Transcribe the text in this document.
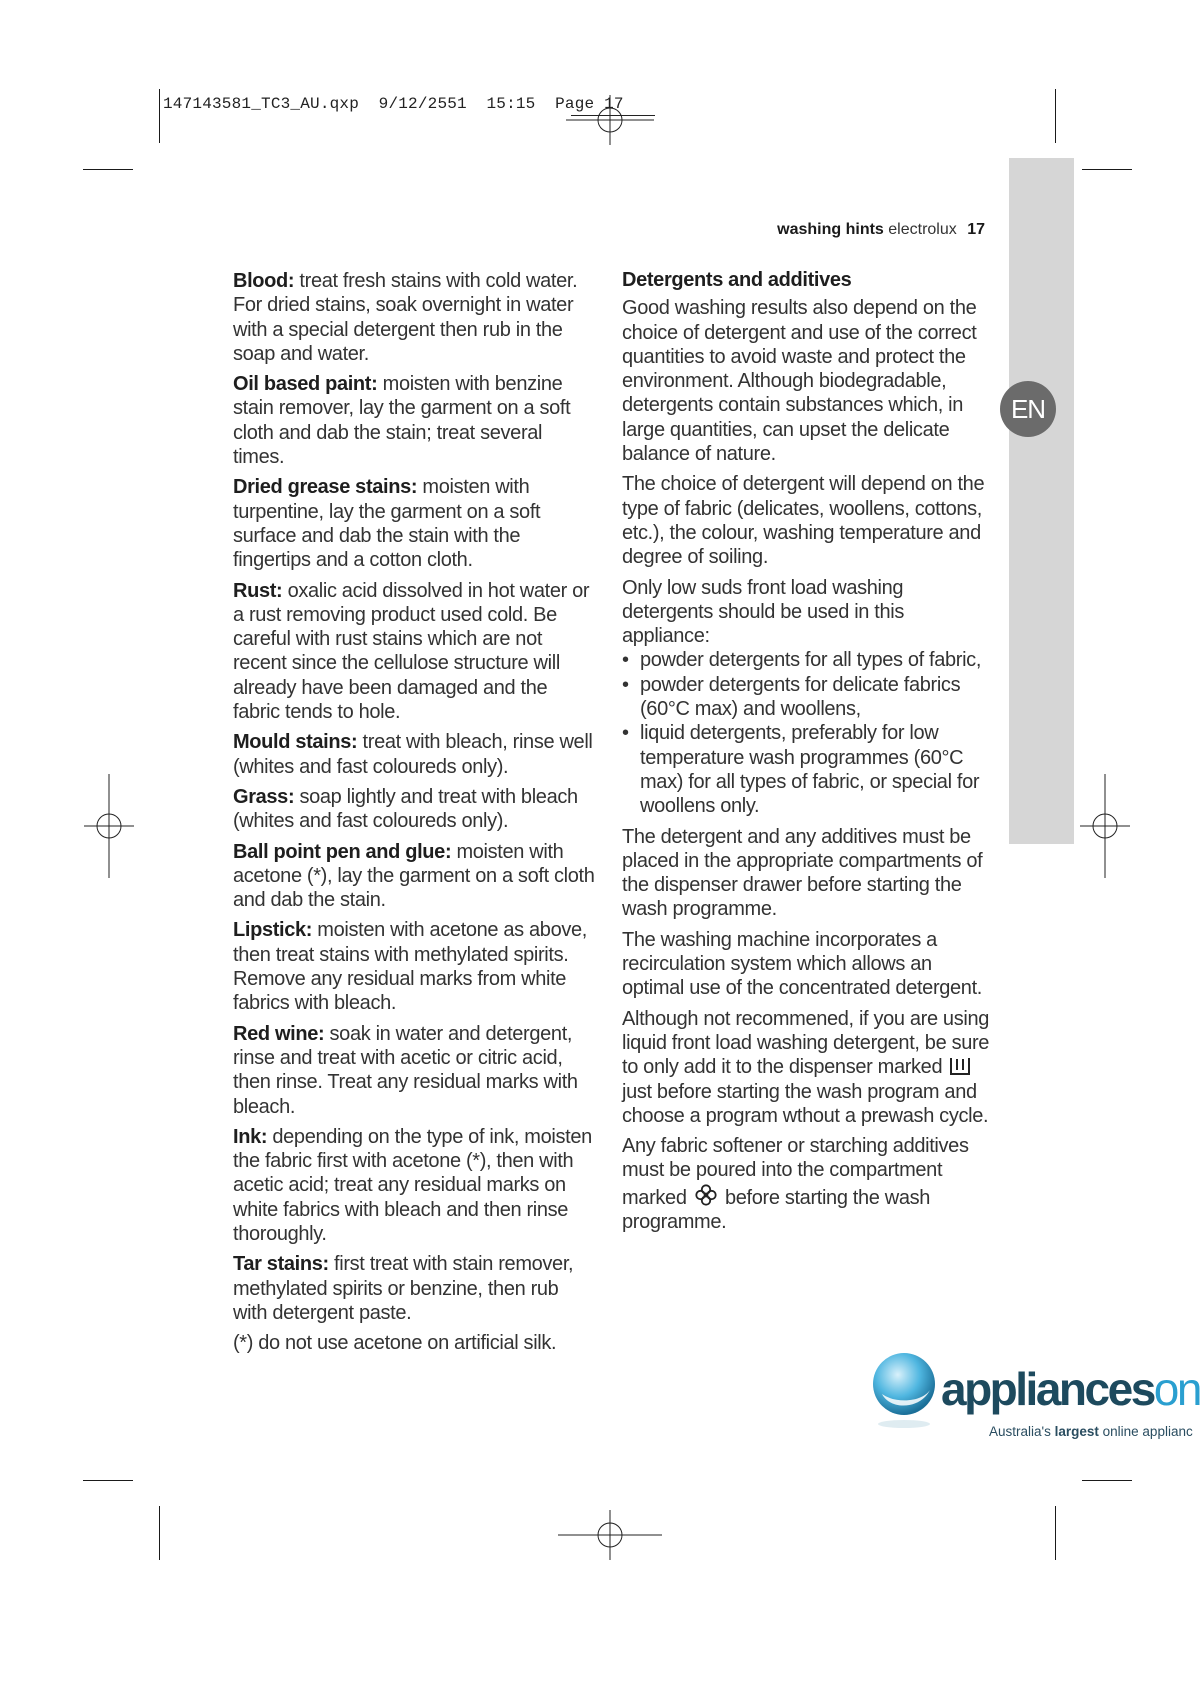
147143581_TC3_AU.qxp 9/12/2551 15:15 Page 17
EN
washing hints electrolux 17

Blood: treat fresh stains with cold water. For dried stains, soak overnight in water with a special detergent then rub in the soap and water.

Oil based paint: moisten with benzine stain remover, lay the garment on a soft cloth and dab the stain; treat several times.

Dried grease stains: moisten with turpentine, lay the garment on a soft surface and dab the stain with the fingertips and a cotton cloth.

Rust: oxalic acid dissolved in hot water or a rust removing product used cold. Be careful with rust stains which are not recent since the cellulose structure will already have been damaged and the fabric tends to hole.

Mould stains: treat with bleach, rinse well (whites and fast coloureds only).

Grass: soap lightly and treat with bleach (whites and fast coloureds only).

Ball point pen and glue: moisten with acetone (*), lay the garment on a soft cloth and dab the stain.

Lipstick: moisten with acetone as above, then treat stains with methylated spirits. Remove any residual marks from white fabrics with bleach.

Red wine: soak in water and detergent, rinse and treat with acetic or citric acid, then rinse. Treat any residual marks with bleach.

Ink: depending on the type of ink, moisten the fabric first with acetone (*), then with acetic acid; treat any residual marks on white fabrics with bleach and then rinse thoroughly.

Tar stains: first treat with stain remover, methylated spirits or benzine, then rub with detergent paste.

(*) do not use acetone on artificial silk.

Detergents and additives

Good washing results also depend on the choice of detergent and use of the correct quantities to avoid waste and protect the environment. Although biodegradable, detergents contain substances which, in large quantities, can upset the delicate balance of nature.

The choice of detergent will depend on the type of fabric (delicates, woollens, cottons, etc.), the colour, washing temperature and degree of soiling.

Only low suds front load washing detergents should be used in this appliance:

• powder detergents for all types of fabric,
• powder detergents for delicate fabrics (60°C max) and woollens,
• liquid detergents, preferably for low temperature wash programmes (60°C max) for all types of fabric, or special for woollens only.

The detergent and any additives must be placed in the appropriate compartments of the dispenser drawer before starting the wash programme.

The washing machine incorporates a recirculation system which allows an optimal use of the concentrated detergent.

Although not recommened, if you are using liquid front load washing detergent, be sure to only add it to the dispenser marked  just before starting the wash program and choose a program wthout a prewash cycle.

Any fabric softener or starching additives must be poured into the compartment marked  before starting the wash programme.

applianceson
Australia's largest online applianc
